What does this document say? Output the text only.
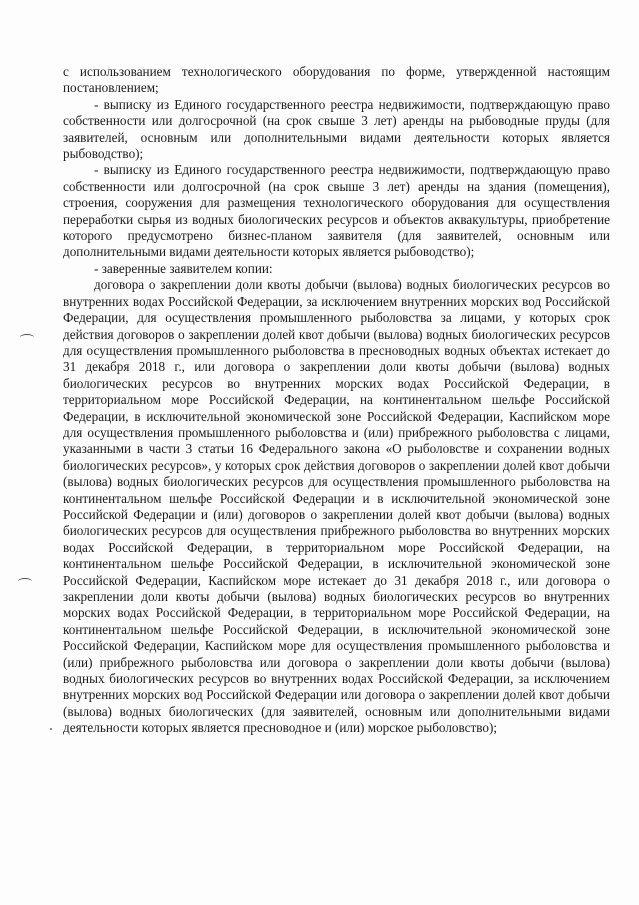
с использованием технологического оборудования по форме, утвержденной настоящим постановлением;

- выписку из Единого государственного реестра недвижимости, подтверждающую право собственности или долгосрочной (на срок свыше 3 лет) аренды на рыбоводные пруды (для заявителей, основным или дополнительными видами деятельности которых является рыбоводство);

- выписку из Единого государственного реестра недвижимости, подтверждающую право собственности или долгосрочной (на срок свыше 3 лет) аренды на здания (помещения), строения, сооружения для размещения технологического оборудования для осуществления переработки сырья из водных биологических ресурсов и объектов аквакультуры, приобретение которого предусмотрено бизнес-планом заявителя (для заявителей, основным или дополнительными видами деятельности которых является рыбоводство);

- заверенные заявителем копии:

договора о закреплении доли квоты добычи (вылова) водных биологических ресурсов во внутренних водах Российской Федерации, за исключением внутренних морских вод Российской Федерации, для осуществления промышленного рыболовства за лицами, у которых срок действия договоров о закреплении долей квот добычи (вылова) водных биологических ресурсов для осуществления промышленного рыболовства в пресноводных водных объектах истекает до 31 декабря 2018 г., или договора о закреплении доли квоты добычи (вылова) водных биологических ресурсов во внутренних морских водах Российской Федерации, в территориальном море Российской Федерации, на континентальном шельфе Российской Федерации, в исключительной экономической зоне Российской Федерации, Каспийском море для осуществления промышленного рыболовства и (или) прибрежного рыболовства с лицами, указанными в части 3 статьи 16 Федерального закона «О рыболовстве и сохранении водных биологических ресурсов», у которых срок действия договоров о закреплении долей квот добычи (вылова) водных биологических ресурсов для осуществления промышленного рыболовства на континентальном шельфе Российской Федерации и в исключительной экономической зоне Российской Федерации и (или) договоров о закреплении долей квот добычи (вылова) водных биологических ресурсов для осуществления прибрежного рыболовства во внутренних морских водах Российской Федерации, в территориальном море Российской Федерации, на континентальном шельфе Российской Федерации, в исключительной экономической зоне Российской Федерации, Каспийском море истекает до 31 декабря 2018 г., или договора о закреплении доли квоты добычи (вылова) водных биологических ресурсов во внутренних морских водах Российской Федерации, в территориальном море Российской Федерации, на континентальном шельфе Российской Федерации, в исключительной экономической зоне Российской Федерации, Каспийском море для осуществления промышленного рыболовства и (или) прибрежного рыболовства или договора о закреплении доли квоты добычи (вылова) водных биологических ресурсов во внутренних водах Российской Федерации, за исключением внутренних морских вод Российской Федерации или договора о закреплении долей квот добычи (вылова) водных биологических (для заявителей, основным или дополнительными видами деятельности которых является пресноводное и (или) морское рыболовство);
